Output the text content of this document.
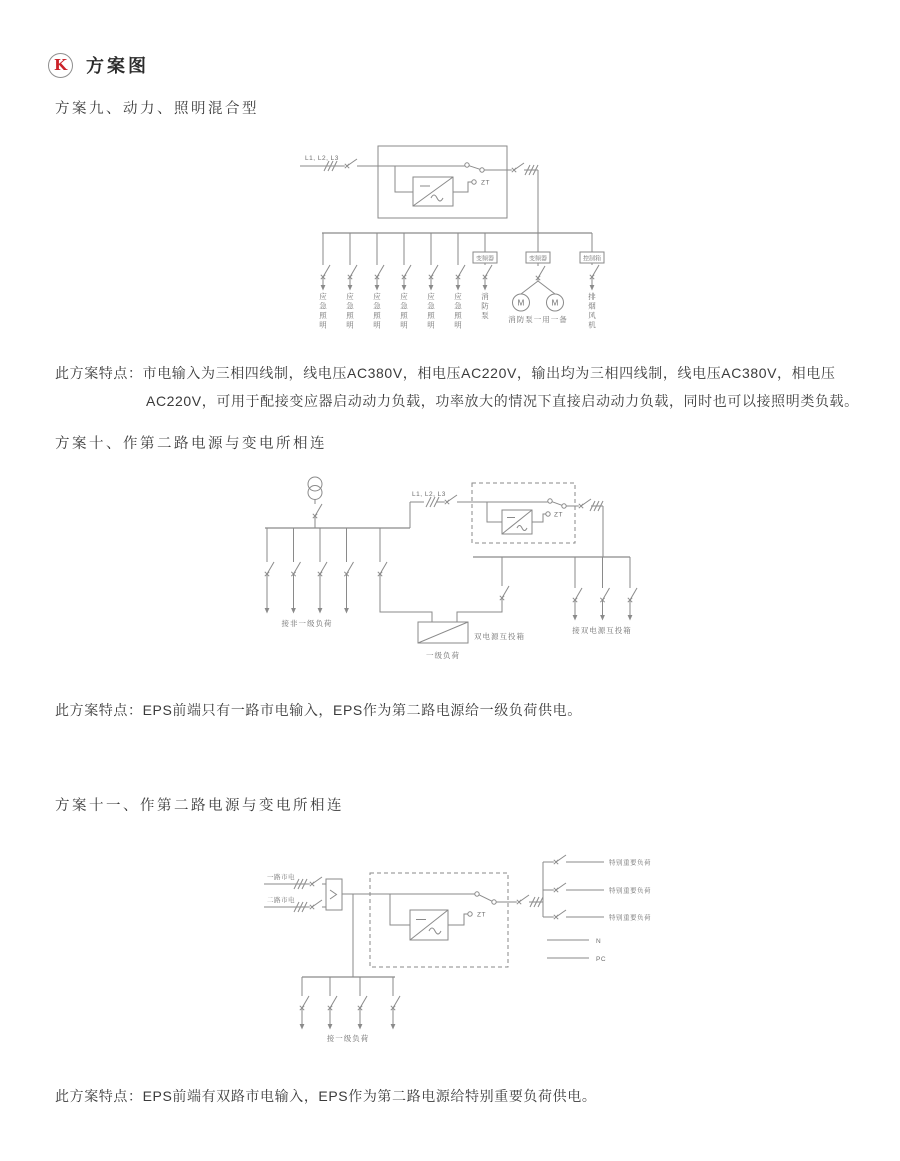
K 方案图
方案九、动力、照明混合型
L1, L2, L3
ZT
应急照明
应急照明
应急照明
应急照明
应急照明
应急照明
变频器
消防泵
变频器
M	M
消防泵一用一备
控制箱
排烟风机
此方案特点：市电输入为三相四线制，线电压AC380V，相电压AC220V，输出均为三相四线制，线电压AC380V，相电压
AC220V，可用于配接变应器启动动力负载，功率放大的情况下直接启动动力负载，同时也可以接照明类负载。
方案十、作第二路电源与变电所相连
L1, L2, L3
ZT
接非一级负荷
双电源互投箱
一级负荷
接双电源互投箱
此方案特点：EPS前端只有一路市电输入，EPS作为第二路电源给一级负荷供电。
方案十一、作第二路电源与变电所相连
一路市电
二路市电
ZT
特别重要负荷
特别重要负荷
特别重要负荷
N
PC
接一级负荷
此方案特点：EPS前端有双路市电输入，EPS作为第二路电源给特别重要负荷供电。
